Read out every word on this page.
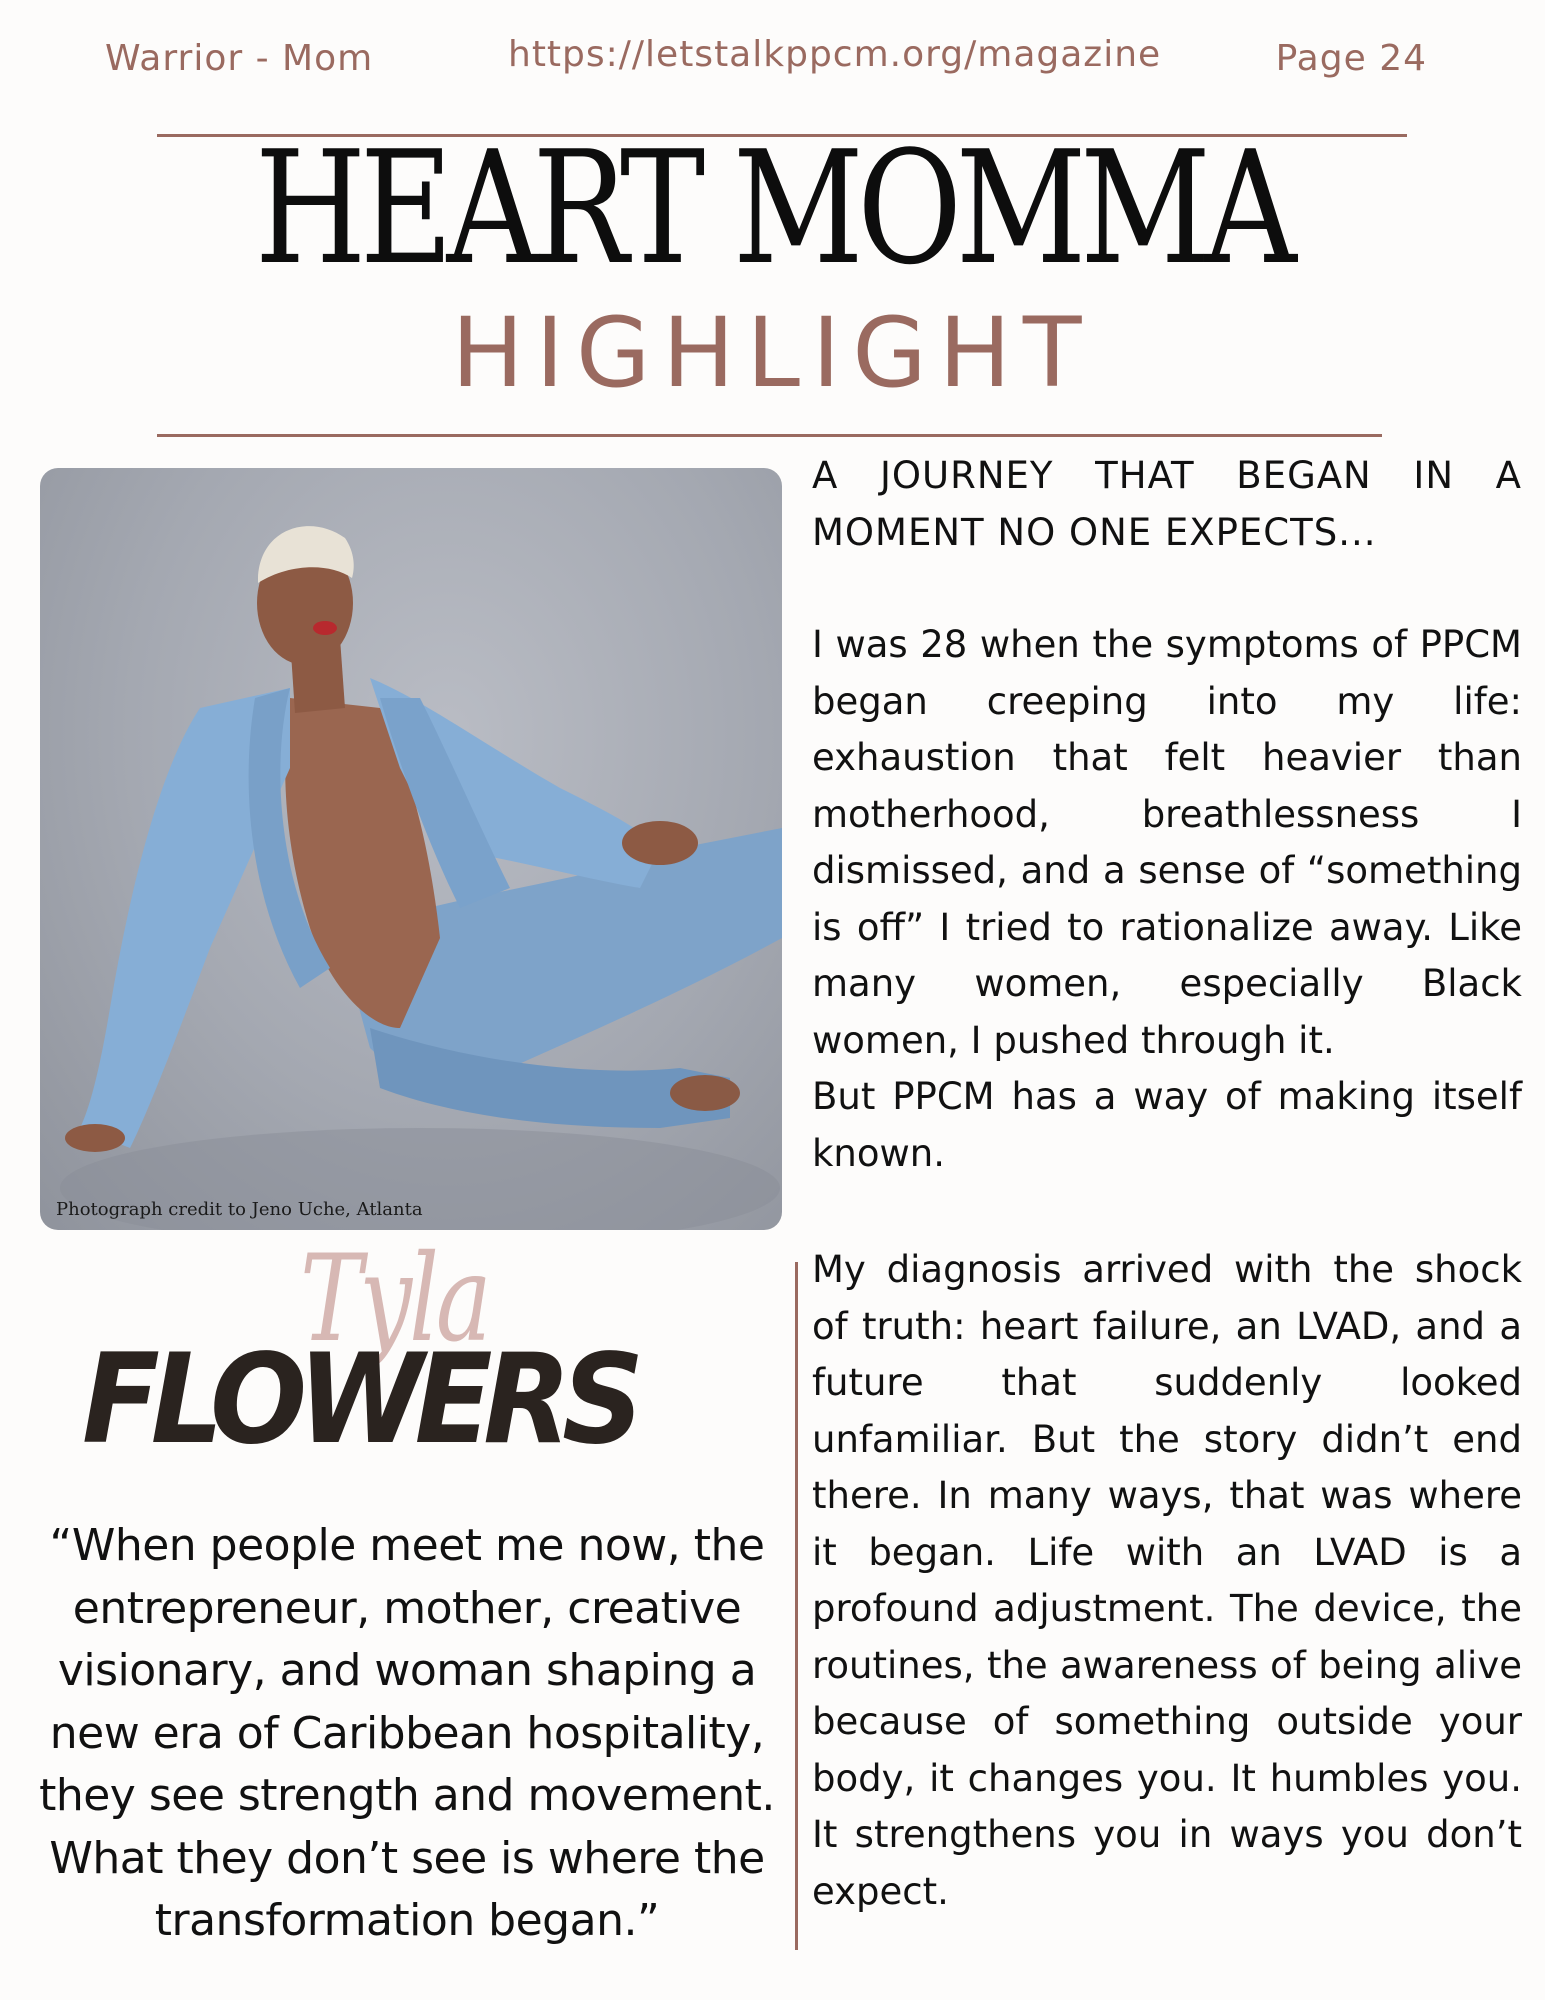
Warrior - Mom	https://letstalkppcm.org/magazine	Page 24
HEART MOMMA
HIGHLIGHT
Photograph credit to Jeno Uche, Atlanta
Tyla
FLOWERS
“When people meet me now, the entrepreneur, mother, creative visionary, and woman shaping a new era of Caribbean hospitality, they see strength and movement. What they don’t see is where the transformation began.”

A JOURNEY THAT BEGAN IN A MOMENT NO ONE EXPECTS...

I was 28 when the symptoms of PPCM began creeping into my life: exhaustion that felt heavier than motherhood, breathlessness I dismissed, and a sense of “something is off” I tried to rationalize away. Like many women, especially Black women, I pushed through it.

But PPCM has a way of making itself known.

My diagnosis arrived with the shock of truth: heart failure, an LVAD, and a future that suddenly looked unfamiliar. But the story didn’t end there. In many ways, that was where it began. Life with an LVAD is a profound adjustment. The device, the routines, the awareness of being alive because of something outside your body, it changes you. It humbles you. It strengthens you in ways you don’t expect.
